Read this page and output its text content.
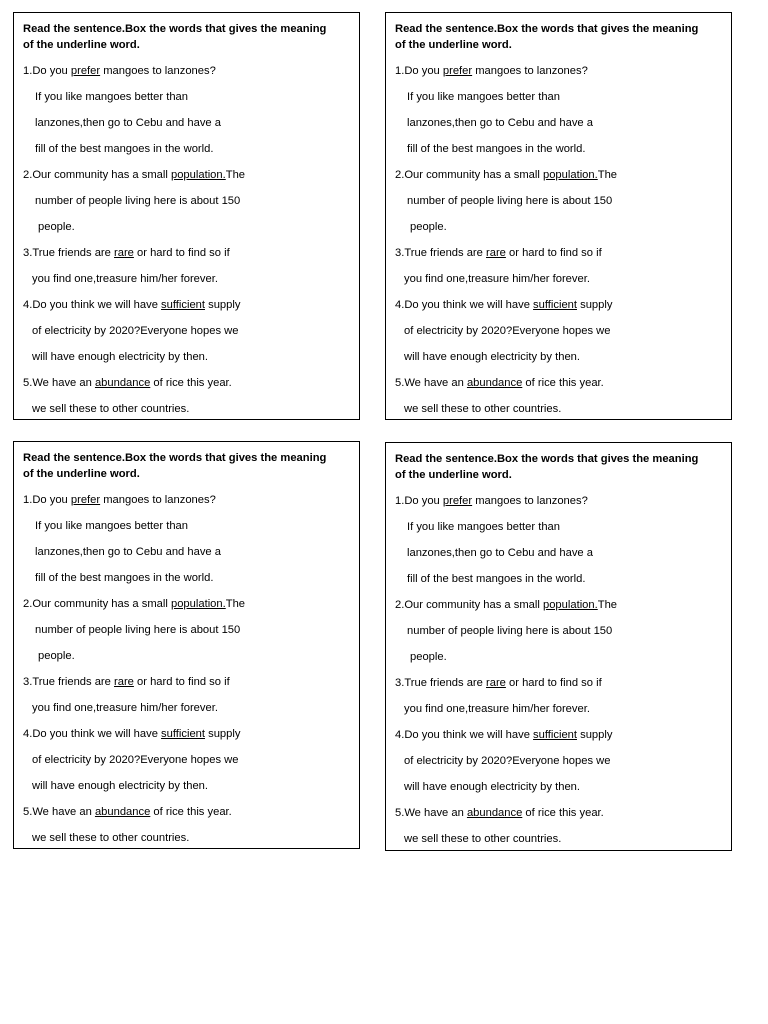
Read the sentence.Box the words that gives the meaning
of the underline word.
1.Do you prefer mangoes to lanzones?
If you like mangoes better than
lanzones,then go to Cebu and have a
fill of the best mangoes in the world.
2.Our community has a small population.The
number of people living here is about 150
people.
3.True friends are rare or hard to find so if
you find one,treasure him/her forever.
4.Do you think we will have sufficient supply
of electricity by 2020?Everyone hopes we
will have enough electricity by then.
5.We have an abundance of rice this year.
we sell these to other countries.
Read the sentence.Box the words that gives the meaning
of the underline word.
1.Do you prefer mangoes to lanzones?
If you like mangoes better than
lanzones,then go to Cebu and have a
fill of the best mangoes in the world.
2.Our community has a small population.The
number of people living here is about 150
people.
3.True friends are rare or hard to find so if
you find one,treasure him/her forever.
4.Do you think we will have sufficient supply
of electricity by 2020?Everyone hopes we
will have enough electricity by then.
5.We have an abundance of rice this year.
we sell these to other countries.
Read the sentence.Box the words that gives the meaning
of the underline word.
1.Do you prefer mangoes to lanzones?
If you like mangoes better than
lanzones,then go to Cebu and have a
fill of the best mangoes in the world.
2.Our community has a small population.The
number of people living here is about 150
people.
3.True friends are rare or hard to find so if
you find one,treasure him/her forever.
4.Do you think we will have sufficient supply
of electricity by 2020?Everyone hopes we
will have enough electricity by then.
5.We have an abundance of rice this year.
we sell these to other countries.
Read the sentence.Box the words that gives the meaning
of the underline word.
1.Do you prefer mangoes to lanzones?
If you like mangoes better than
lanzones,then go to Cebu and have a
fill of the best mangoes in the world.
2.Our community has a small population.The
number of people living here is about 150
people.
3.True friends are rare or hard to find so if
you find one,treasure him/her forever.
4.Do you think we will have sufficient supply
of electricity by 2020?Everyone hopes we
will have enough electricity by then.
5.We have an abundance of rice this year.
we sell these to other countries.
